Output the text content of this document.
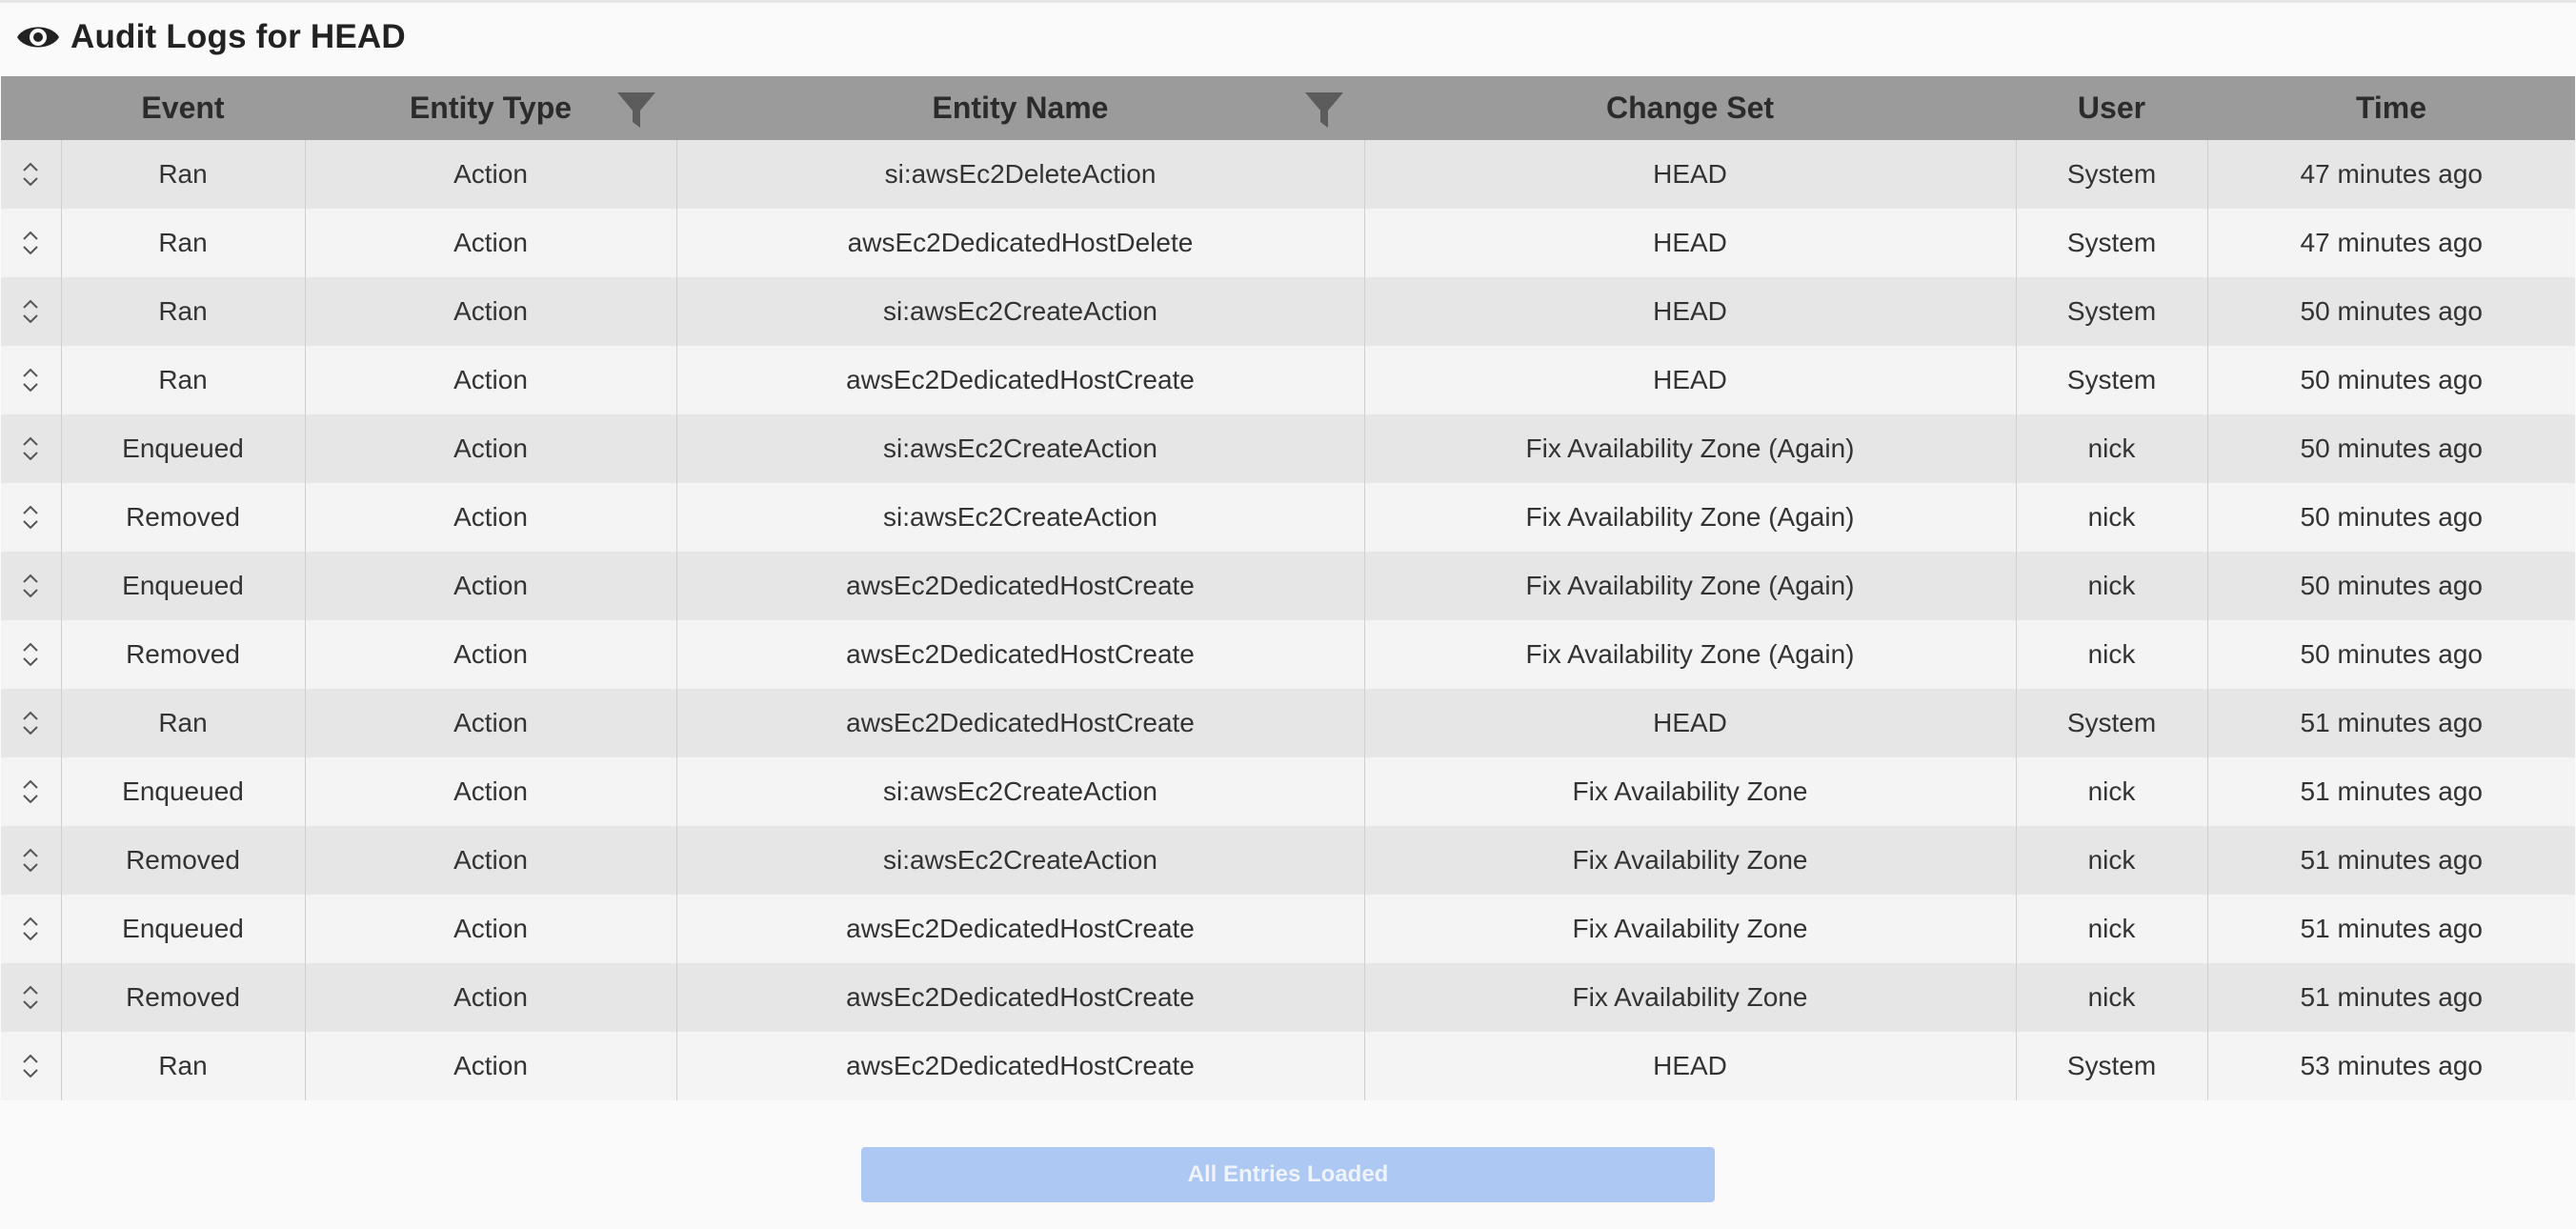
Audit Logs for HEAD
	Event	Entity Type	Entity Name	Change Set	User	Time

	Ran	Action	si:awsEc2DeleteAction	HEAD	System	47 minutes ago

	Ran	Action	awsEc2DedicatedHostDelete	HEAD	System	47 minutes ago

	Ran	Action	si:awsEc2CreateAction	HEAD	System	50 minutes ago

	Ran	Action	awsEc2DedicatedHostCreate	HEAD	System	50 minutes ago

	Enqueued	Action	si:awsEc2CreateAction	Fix Availability Zone (Again)	nick	50 minutes ago

	Removed	Action	si:awsEc2CreateAction	Fix Availability Zone (Again)	nick	50 minutes ago

	Enqueued	Action	awsEc2DedicatedHostCreate	Fix Availability Zone (Again)	nick	50 minutes ago

	Removed	Action	awsEc2DedicatedHostCreate	Fix Availability Zone (Again)	nick	50 minutes ago

	Ran	Action	awsEc2DedicatedHostCreate	HEAD	System	51 minutes ago

	Enqueued	Action	si:awsEc2CreateAction	Fix Availability Zone	nick	51 minutes ago

	Removed	Action	si:awsEc2CreateAction	Fix Availability Zone	nick	51 minutes ago

	Enqueued	Action	awsEc2DedicatedHostCreate	Fix Availability Zone	nick	51 minutes ago

	Removed	Action	awsEc2DedicatedHostCreate	Fix Availability Zone	nick	51 minutes ago

	Ran	Action	awsEc2DedicatedHostCreate	HEAD	System	53 minutes ago
All Entries Loaded
